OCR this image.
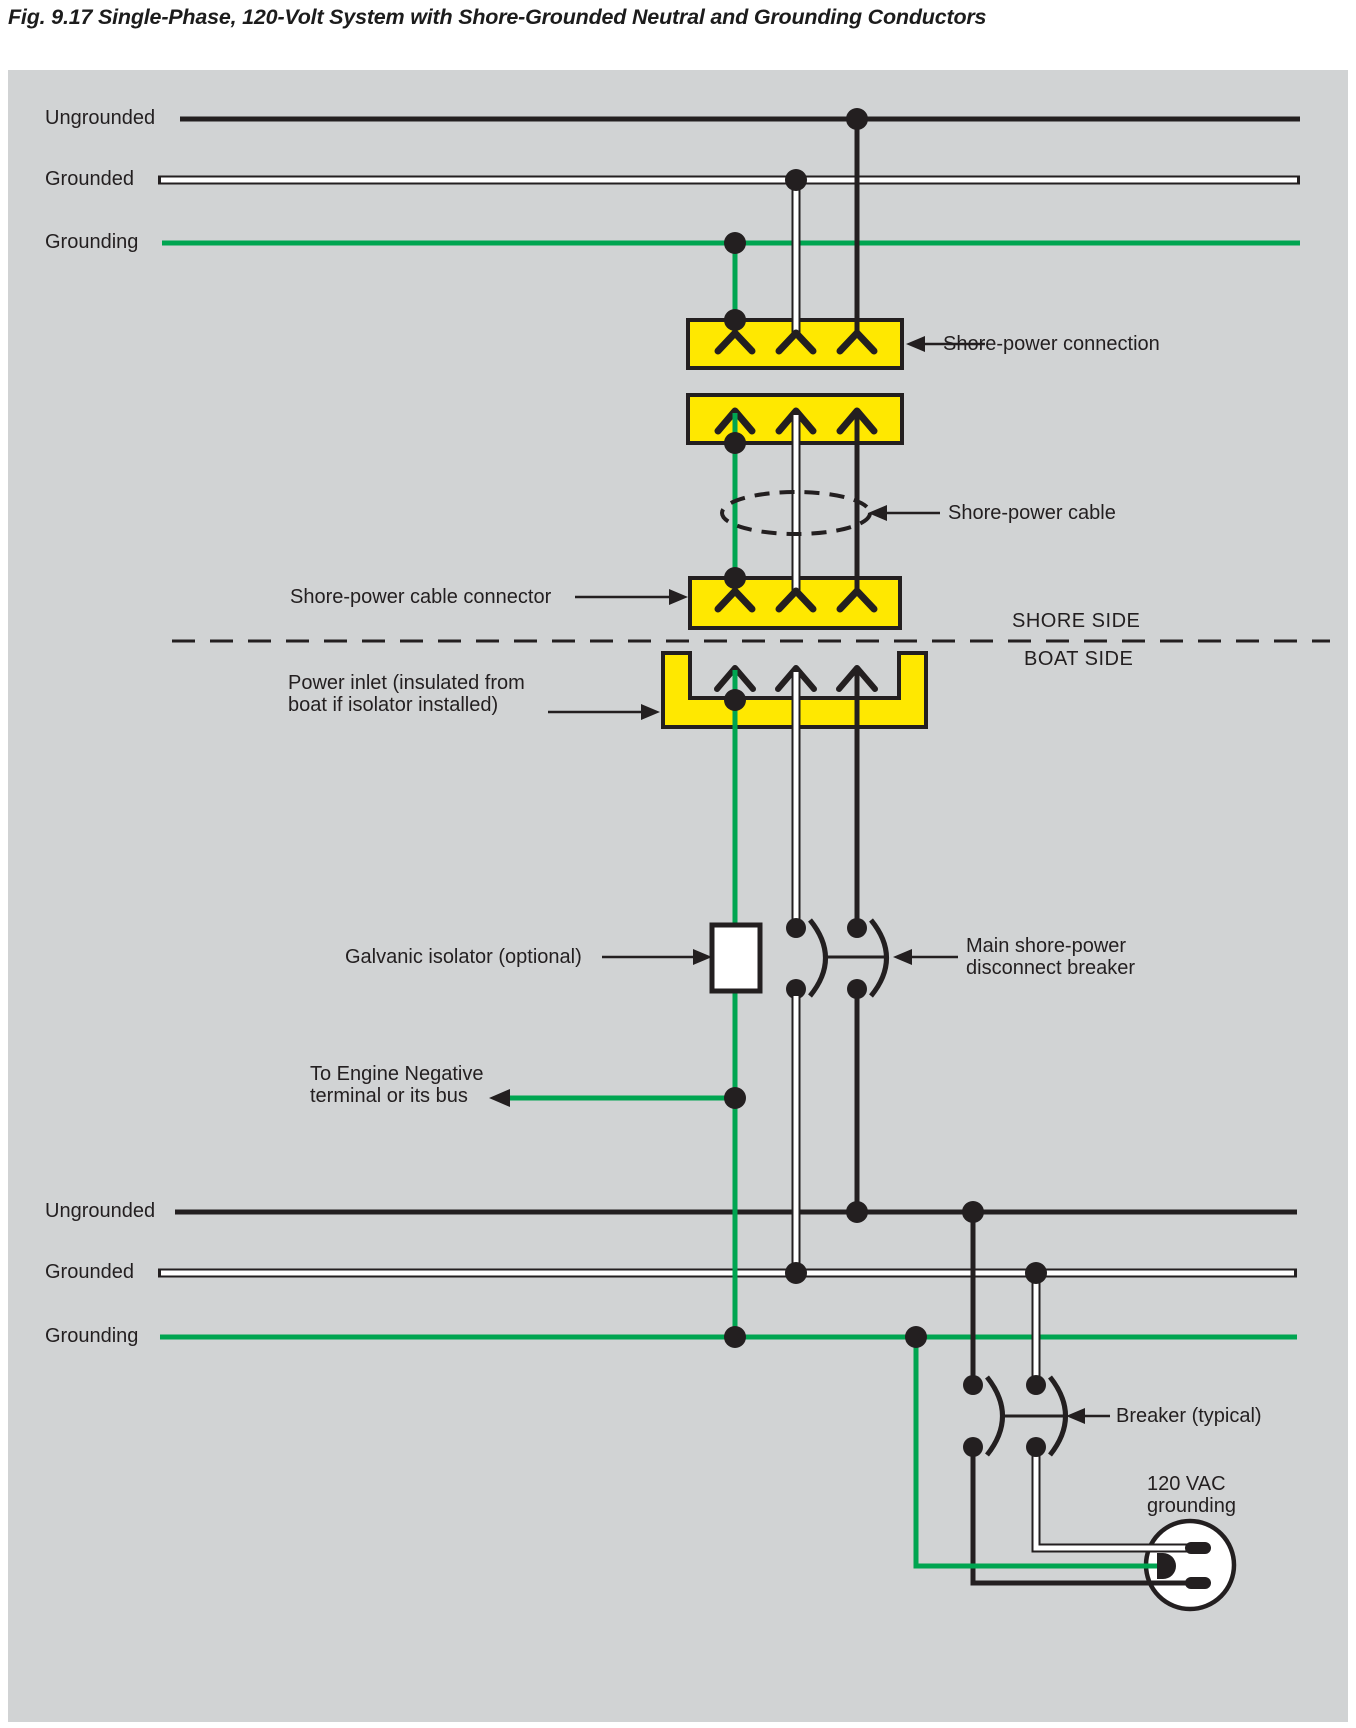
Fig. 9.17 Single-Phase, 120-Volt System with Shore-Grounded Neutral and Grounding Conductors
Ungrounded
Grounded
Grounding
Shore-power connection
Shore-power cable
Shore-power cable connector
SHORE SIDE
BOAT SIDE
Power inlet (insulated from
boat if isolator installed)
Galvanic isolator (optional)	Main shore-power
disconnect breaker
To Engine Negative
terminal or its bus
Ungrounded
Grounded
Grounding
Breaker (typical)
120 VAC
grounding
